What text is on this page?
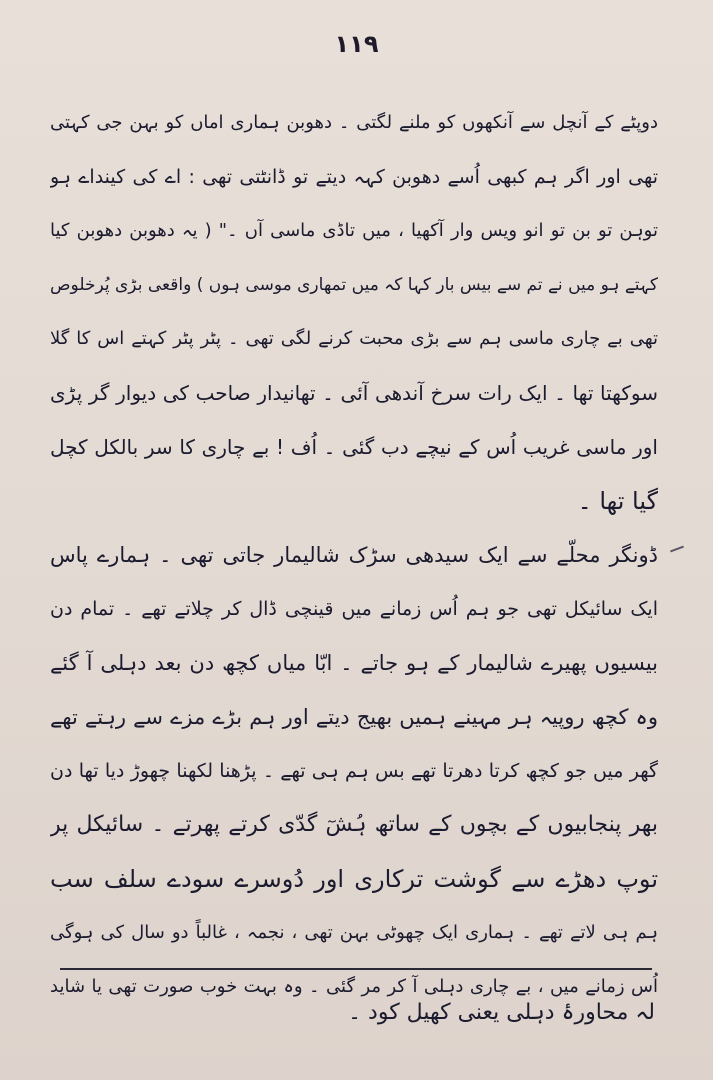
۱۱۹
دوپٹے کے آنچل سے آنکھوں کو ملنے لگتی ۔ دھوبن ہماری اماں کو بہن جی کہتی
تھی اور اگر ہم کبھی اُسے دھوبن کہہ دیتے تو ڈانٹتی تھی : اے کی کینداے ہو
توہن تو بن تو انو ویس وار آکھیا ، میں تاڈی ماسی آں ۔" ( یہ دھوبن دھوبن کیا
کہتے ہو میں نے تم سے بیس بار کہا کہ میں تمھاری موسی ہوں ) واقعی بڑی پُرخلوص
تھی بے چاری ماسی ہم سے بڑی محبت کرنے لگی تھی ۔ پٹر پٹر کہتے اس کا گلا
سوکھتا تھا ۔ ایک رات سرخ آندھی آئی ۔ تھانیدار صاحب کی دیوار گر پڑی
اور ماسی غریب اُس کے نیچے دب گئی ۔ اُف ! بے چاری کا سر بالکل کچل
گیا تھا ۔
ڈونگر محلّے سے ایک سیدھی سڑک شالیمار جاتی تھی ۔ ہمارے پاس
ایک سائیکل تھی جو ہم اُس زمانے میں قینچی ڈال کر چلاتے تھے ۔ تمام دن
بیسیوں پھیرے شالیمار کے ہو جاتے ۔ ابّا میاں کچھ دن بعد دہلی آ گئے
وہ کچھ روپیہ ہر مہینے ہمیں بھیج دیتے اور ہم بڑے مزے سے رہتے تھے
گھر میں جو کچھ کرتا دھرتا تھے بس ہم ہی تھے ۔ پڑھنا لکھنا چھوڑ دیا تھا دن
بھر پنجابیوں کے بچوں کے ساتھ ہُشٓ گدّی کرتے پھرتے ۔ سائیکل پر
توپ دھڑے سے گوشت ترکاری اور دُوسرے سودے سلف سب
ہم ہی لاتے تھے ۔ ہماری ایک چھوٹی بہن تھی ، نجمہ ، غالباً دو سال کی ہوگی
اُس زمانے میں ، بے چاری دہلی آ کر مر گئی ۔ وہ بہت خوب صورت تھی یا شاید
لہ محاورۂ دہلی یعنی کھیل کود ۔
